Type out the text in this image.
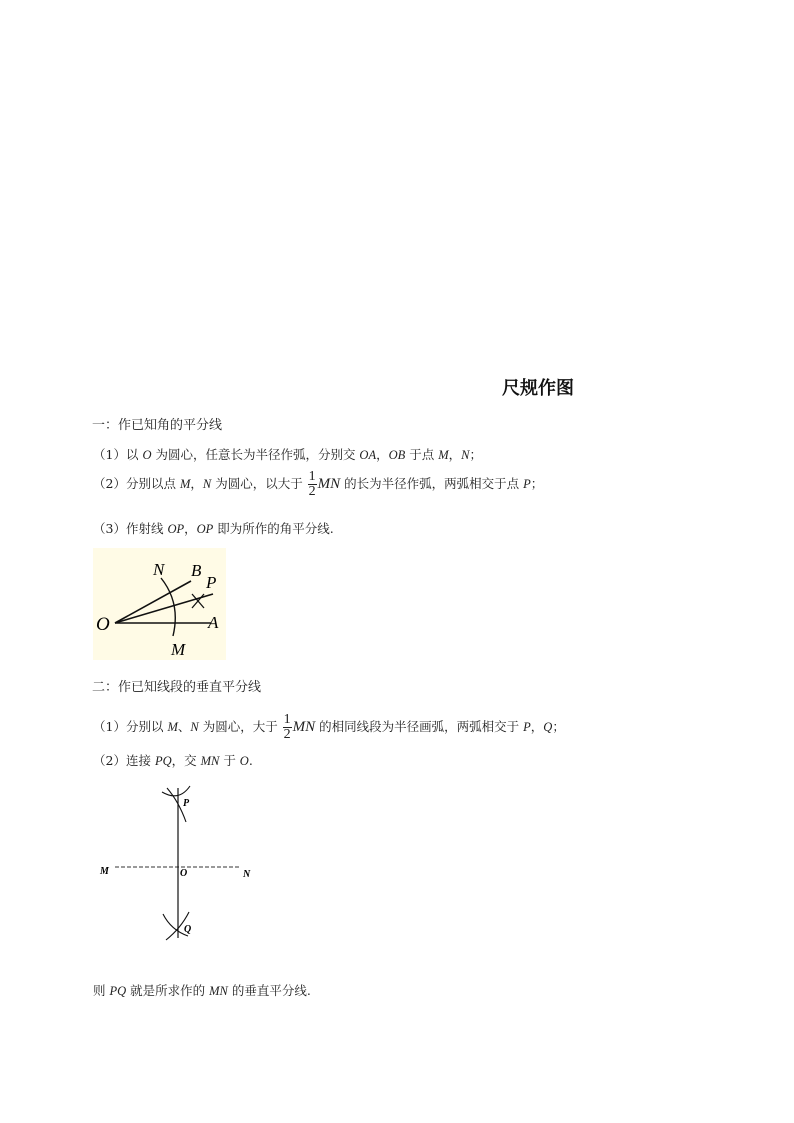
尺规作图
一：作已知角的平分线
（1）以 O 为圆心，任意长为半径作弧，分别交 OA，OB 于点 M，N；
（2）分别以点 M，N 为圆心，以大于 $\frac{1}{2}$ MN 的长为半径作弧，两弧相交于点 P；
（3）作射线 OP，OP 即为所作的角平分线.
O	A
B
P
N
M
二：作已知线段的垂直平分线
（1）分别以 M、N 为圆心，大于 $\frac{1}{2}$ MN 的相同线段为半径画弧，两弧相交于 P，Q；
（2）连接 PQ，交 MN 于 O.
M	N
O
P
Q
则 PQ 就是所求作的 MN 的垂直平分线.
